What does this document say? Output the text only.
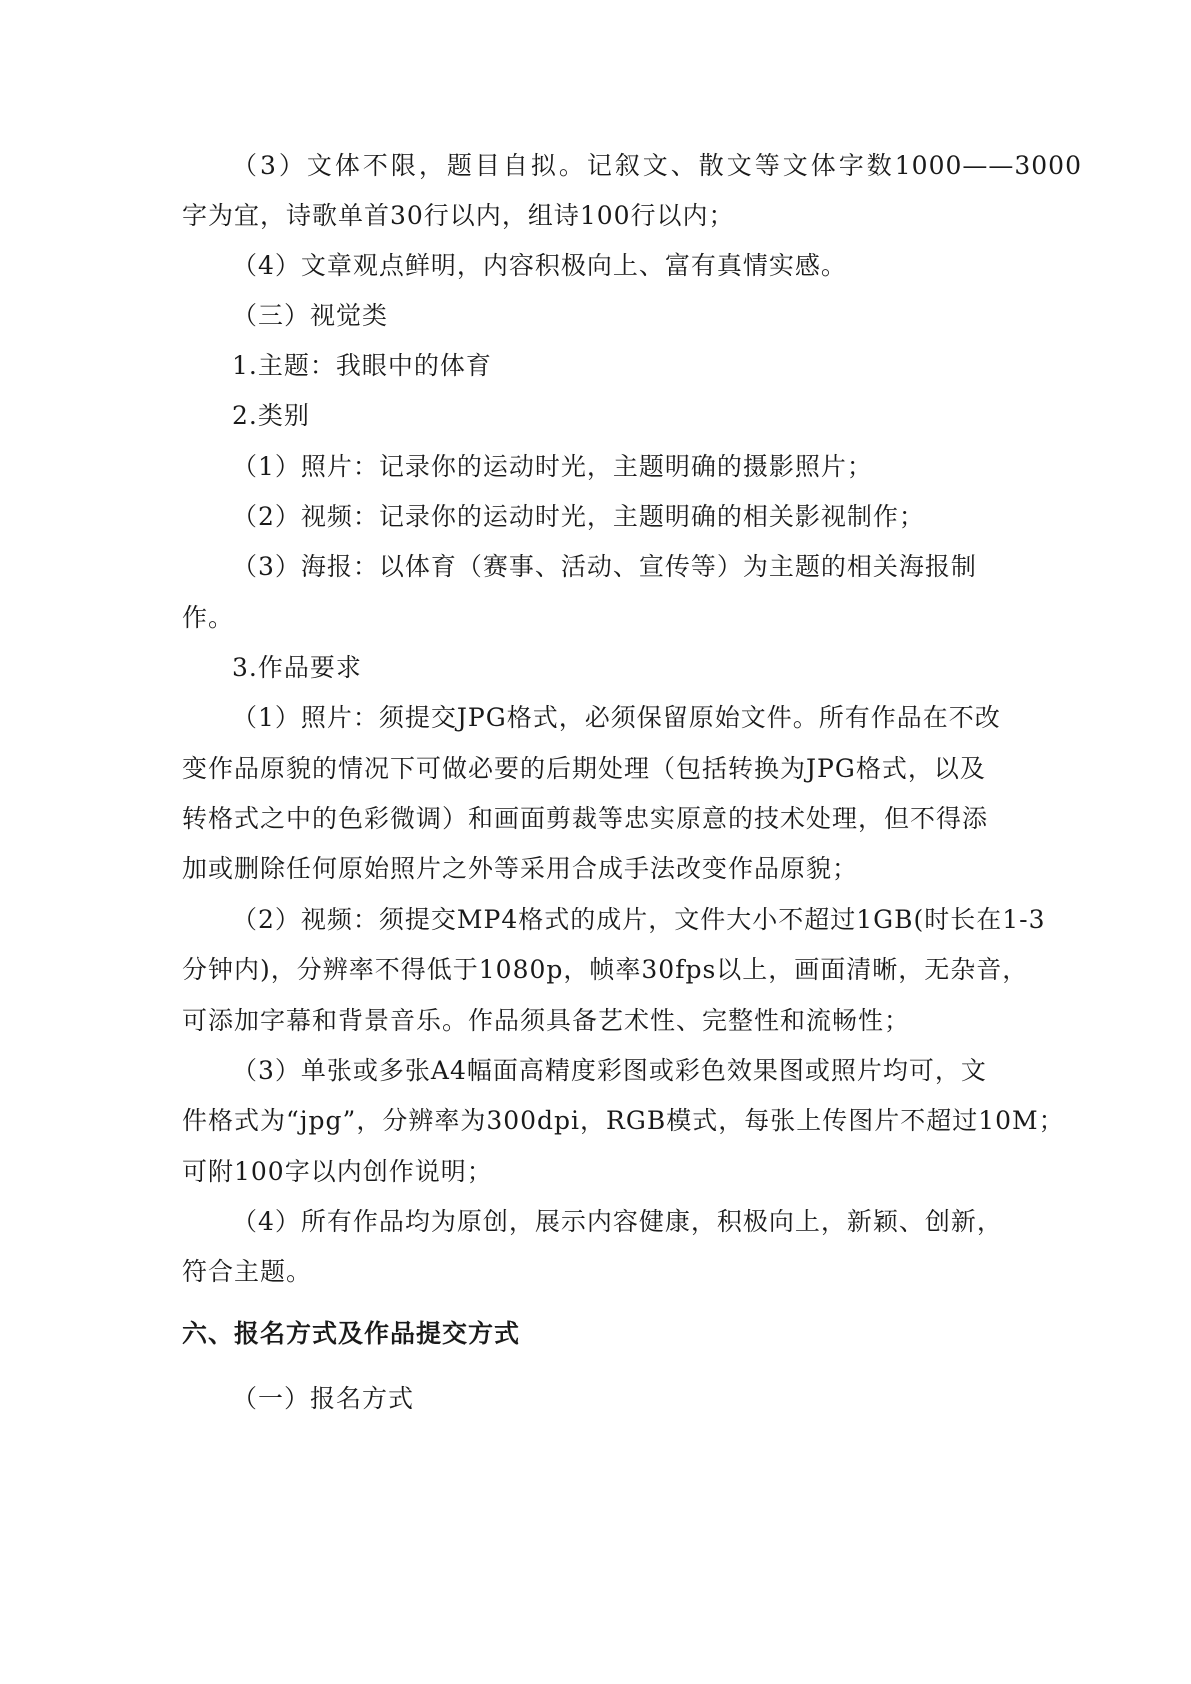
（3）文体不限，题目自拟。记叙文、散文等文体字数1000——3000
字为宜，诗歌单首30行以内，组诗100行以内；
（4）文章观点鲜明，内容积极向上、富有真情实感。
（三）视觉类
1.主题：我眼中的体育
2.类别
（1）照片：记录你的运动时光，主题明确的摄影照片；
（2）视频：记录你的运动时光，主题明确的相关影视制作；
（3）海报：以体育（赛事、活动、宣传等）为主题的相关海报制
作。
3.作品要求
（1）照片：须提交JPG格式，必须保留原始文件。所有作品在不改
变作品原貌的情况下可做必要的后期处理（包括转换为JPG格式，以及
转格式之中的色彩微调）和画面剪裁等忠实原意的技术处理，但不得添
加或删除任何原始照片之外等采用合成手法改变作品原貌；
（2）视频：须提交MP4格式的成片，文件大小不超过1GB(时长在1-3
分钟内)，分辨率不得低于1080p，帧率30fps以上，画面清晰，无杂音，
可添加字幕和背景音乐。作品须具备艺术性、完整性和流畅性；
（3）单张或多张A4幅面高精度彩图或彩色效果图或照片均可，文
件格式为“jpg”，分辨率为300dpi，RGB模式，每张上传图片不超过10M；
可附100字以内创作说明；
（4）所有作品均为原创，展示内容健康，积极向上，新颖、创新，
符合主题。
六、报名方式及作品提交方式
（一）报名方式
